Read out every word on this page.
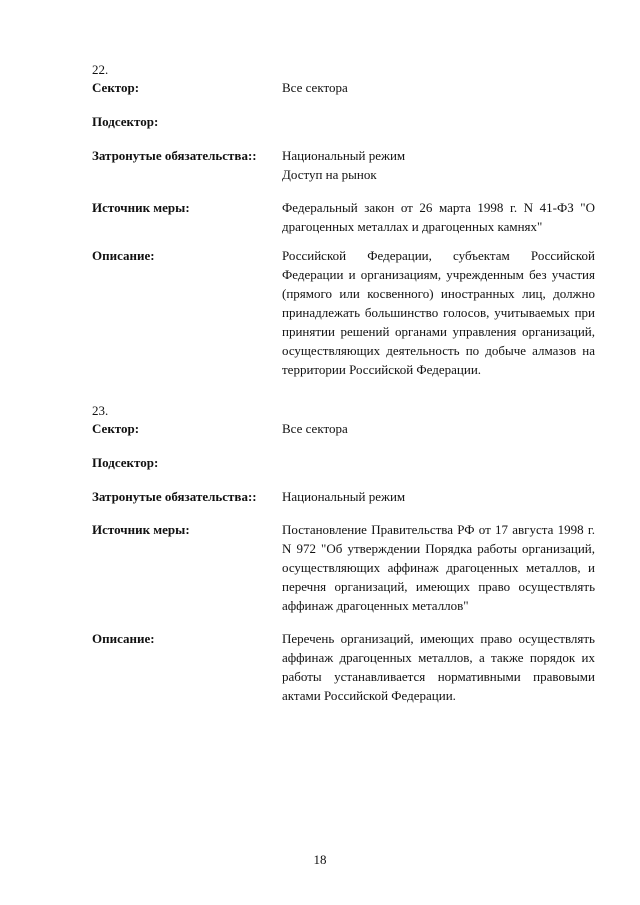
22.
Сектор:	Все сектора
Подсектор:
Затронутые обязательства::	Национальный режим
Доступ на рынок
Источник меры:	Федеральный закон от 26 марта 1998 г. N 41-ФЗ "О
драгоценных металлах и драгоценных камнях"
Описание:	Российской Федерации, субъектам Российской
Федерации и организациям, учрежденным без участия
(прямого или косвенного) иностранных лиц, должно
принадлежать большинство голосов, учитываемых при
принятии решений органами управления организаций,
осуществляющих деятельность по добыче алмазов на
территории Российской Федерации.
23.
Сектор:	Все сектора
Подсектор:
Затронутые обязательства::	Национальный режим
Источник меры:	Постановление Правительства РФ от 17 августа 1998 г.
N 972 "Об утверждении Порядка работы организаций,
осуществляющих аффинаж драгоценных металлов, и
перечня организаций, имеющих право осуществлять
аффинаж драгоценных металлов"
Описание:	Перечень организаций, имеющих право осуществлять
аффинаж драгоценных металлов, а также порядок их
работы устанавливается нормативными правовыми
актами Российской Федерации.
18
